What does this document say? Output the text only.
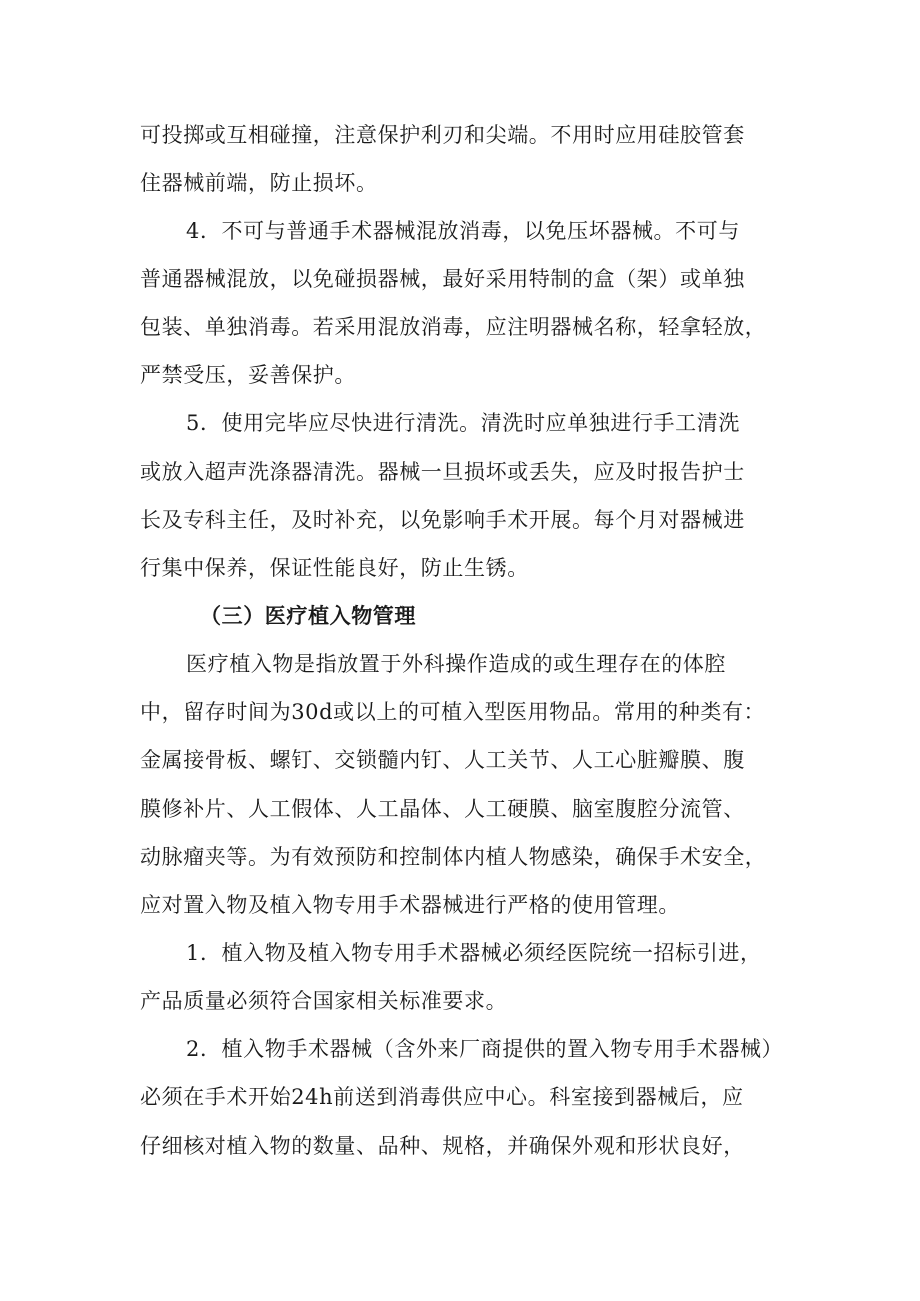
可投掷或互相碰撞，注意保护利刃和尖端。不用时应用硅胶管套
住器械前端，防止损坏。
4．不可与普通手术器械混放消毒，以免压坏器械。不可与
普通器械混放，以免碰损器械，最好采用特制的盒（架）或单独
包装、单独消毒。若采用混放消毒，应注明器械名称，轻拿轻放，
严禁受压，妥善保护。
5．使用完毕应尽快进行清洗。清洗时应单独进行手工清洗
或放入超声洗涤器清洗。器械一旦损坏或丢失，应及时报告护士
长及专科主任，及时补充，以免影响手术开展。每个月对器械进
行集中保养，保证性能良好，防止生锈。
（三）医疗植入物管理
医疗植入物是指放置于外科操作造成的或生理存在的体腔
中，留存时间为30d或以上的可植入型医用物品。常用的种类有：
金属接骨板、螺钉、交锁髓内钉、人工关节、人工心脏瓣膜、腹
膜修补片、人工假体、人工晶体、人工硬膜、脑室腹腔分流管、
动脉瘤夹等。为有效预防和控制体内植人物感染，确保手术安全，
应对置入物及植入物专用手术器械进行严格的使用管理。
1．植入物及植入物专用手术器械必须经医院统一招标引进，
产品质量必须符合国家相关标准要求。
2．植入物手术器械（含外来厂商提供的置入物专用手术器械）
必须在手术开始24h前送到消毒供应中心。科室接到器械后，应
仔细核对植入物的数量、品种、规格，并确保外观和形状良好，
